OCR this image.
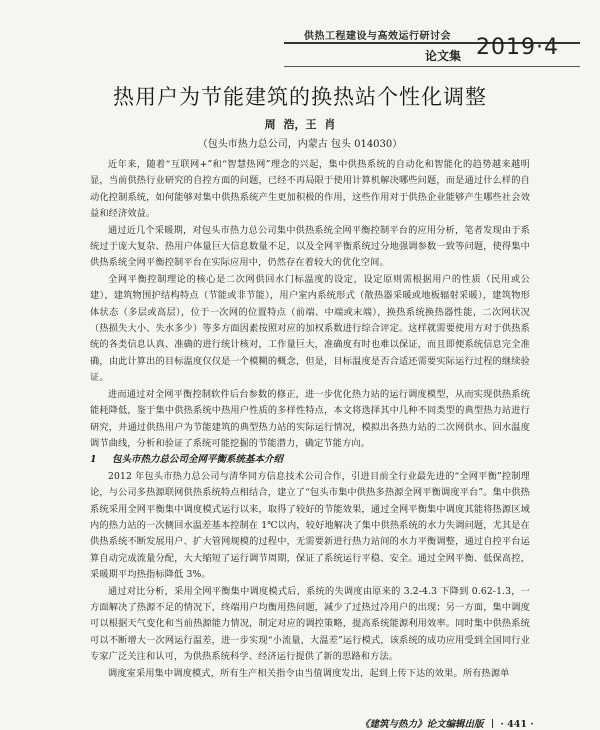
供热工程建设与高效运行研讨会
论文集 2019·4
热用户为节能建筑的换热站个性化调整
周 浩，王 肖
（包头市热力总公司，内蒙古 包头 014030）

近年来，随着“互联网+”和“智慧热网”理念的兴起，集中供热系统的自动化和智能化的趋势越来越明显，当前供热行业研究的自控方面的问题，已经不再局限于使用计算机解决哪些问题，而是通过什么样的自动化控制系统，如何能够对集中供热系统产生更加积极的作用，这些作用对于供热企业能够产生哪些社会效益和经济效益。

通过近几个采暖期，对包头市热力总公司集中供热系统全网平衡控制平台的应用分析，笔者发现由于系统过于庞大复杂、热用户体量巨大信息数量不足，以及全网平衡系统过分地强调参数一致等问题，使得集中供热系统全网平衡控制平台在实际应用中，仍然存在着较大的优化空间。

全网平衡控制理论的核心是二次网供回水门标温度的设定，设定原则需根据用户的性质（民用或公建），建筑物围护结构特点（节能或非节能），用户室内系统形式（散热器采暖或地板辐射采暖），建筑物形体状态（多层或高层），位于一次网的位置特点（前端、中端或末端），换热系统换热器性能，二次网状况（热损失大小、失水多少）等多方面因素按照对应的加权系数进行综合评定。这样就需要使用方对于供热系统的各类信息认真、准确的进行统计核对，工作量巨大，准确度有时也难以保证，而且即便系统信息完全准确，由此计算出的目标温度仅仅是一个模糊的概念，但是，目标温度是否合适还需要实际运行过程的继续验证。

进而通过对全网平衡控制软件后台参数的修正，进一步优化热力站的运行调度模型，从而实现供热系统能耗降低，鉴于集中供热系统中热用户性质的多样性特点，本文将选择其中几种不同类型的典型热力站进行研究，并通过供热用户为节能建筑的典型热力站的实际运行情况，模拟出各热力站的二次网供水、回水温度调节曲线，分析和验证了系统可能挖掘的节能潜力，确定节能方向。

1 包头市热力总公司全网平衡系统基本介绍

2012 年包头市热力总公司与清华同方信息技术公司合作，引进目前全行业最先进的“全网平衡”控制理论，与公司多热源联网供热系统特点相结合，建立了“包头市集中供热多热源全网平衡调度平台”。集中供热系统采用全网平衡集中调度模式运行以来，取得了较好的节能效果，通过全网平衡集中调度其能将热源区域内的热力站的一次侧回水温差基本控制在 1℃以内，较好地解决了集中供热系统的水力失调问题，尤其是在供热系统不断发展用户、扩大管网规模的过程中，无需要新进行热力站间的水力平衡调整，通过自控平台运算自动完成流量分配，大大缩短了运行调节周期，保证了系统运行平稳、安全。通过全网平衡、低保高控，采暖期平均热指标降低 3%。

通过对比分析，采用全网平衡集中调度模式后，系统的失调度由原来的 3.2-4.3 下降到 0.62-1.3，一方面解决了热源不足的情况下，终端用户均衡用热问题，减少了过热过冷用户的出现；另一方面，集中调度可以根据天气变化和当前热源能力情况，制定对应的调控策略，提高系统能源利用效率。同时集中供热系统可以不断增大一次网运行温差，进一步实现“小流量，大温差”运行模式，该系统的成功应用受到全国同行业专家广泛关注和认可，为供热系统科学、经济运行提供了新的思路和方法。

调度室采用集中调度模式，所有生产相关指令由当值调度发出，起到上传下达的效果。所有热源单

《建筑与热力》论文编辑出版 · 441 ·
